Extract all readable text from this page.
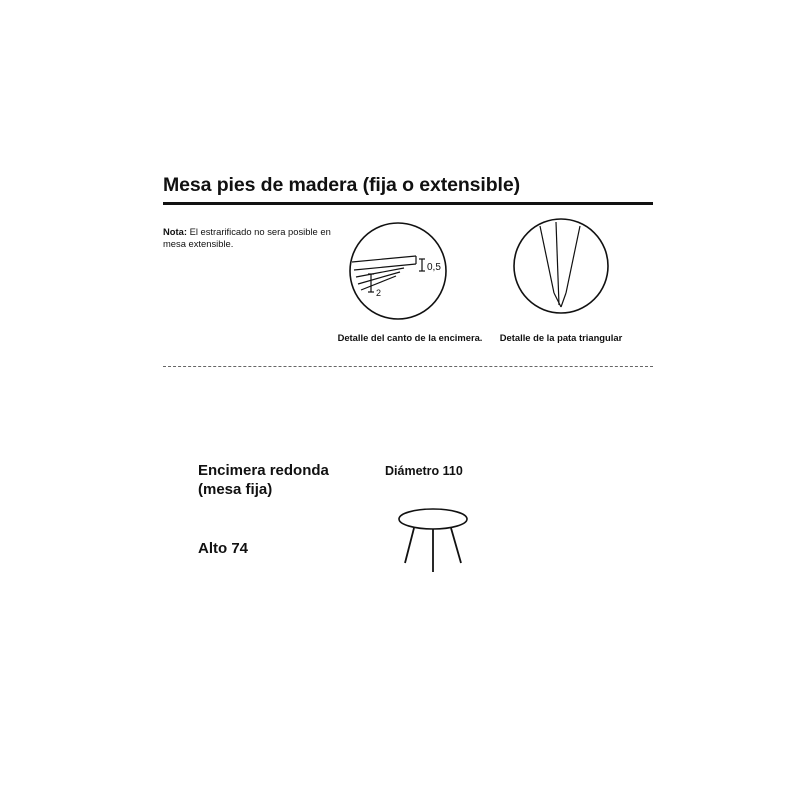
Mesa pies de madera (fija o extensible)
Nota: El estrarificado no sera posible en mesa extensible.
0,5
2
Detalle del canto de la encimera.	Detalle de la pata triangular
Encimera redonda (mesa fija)
Alto 74
Diámetro 110
